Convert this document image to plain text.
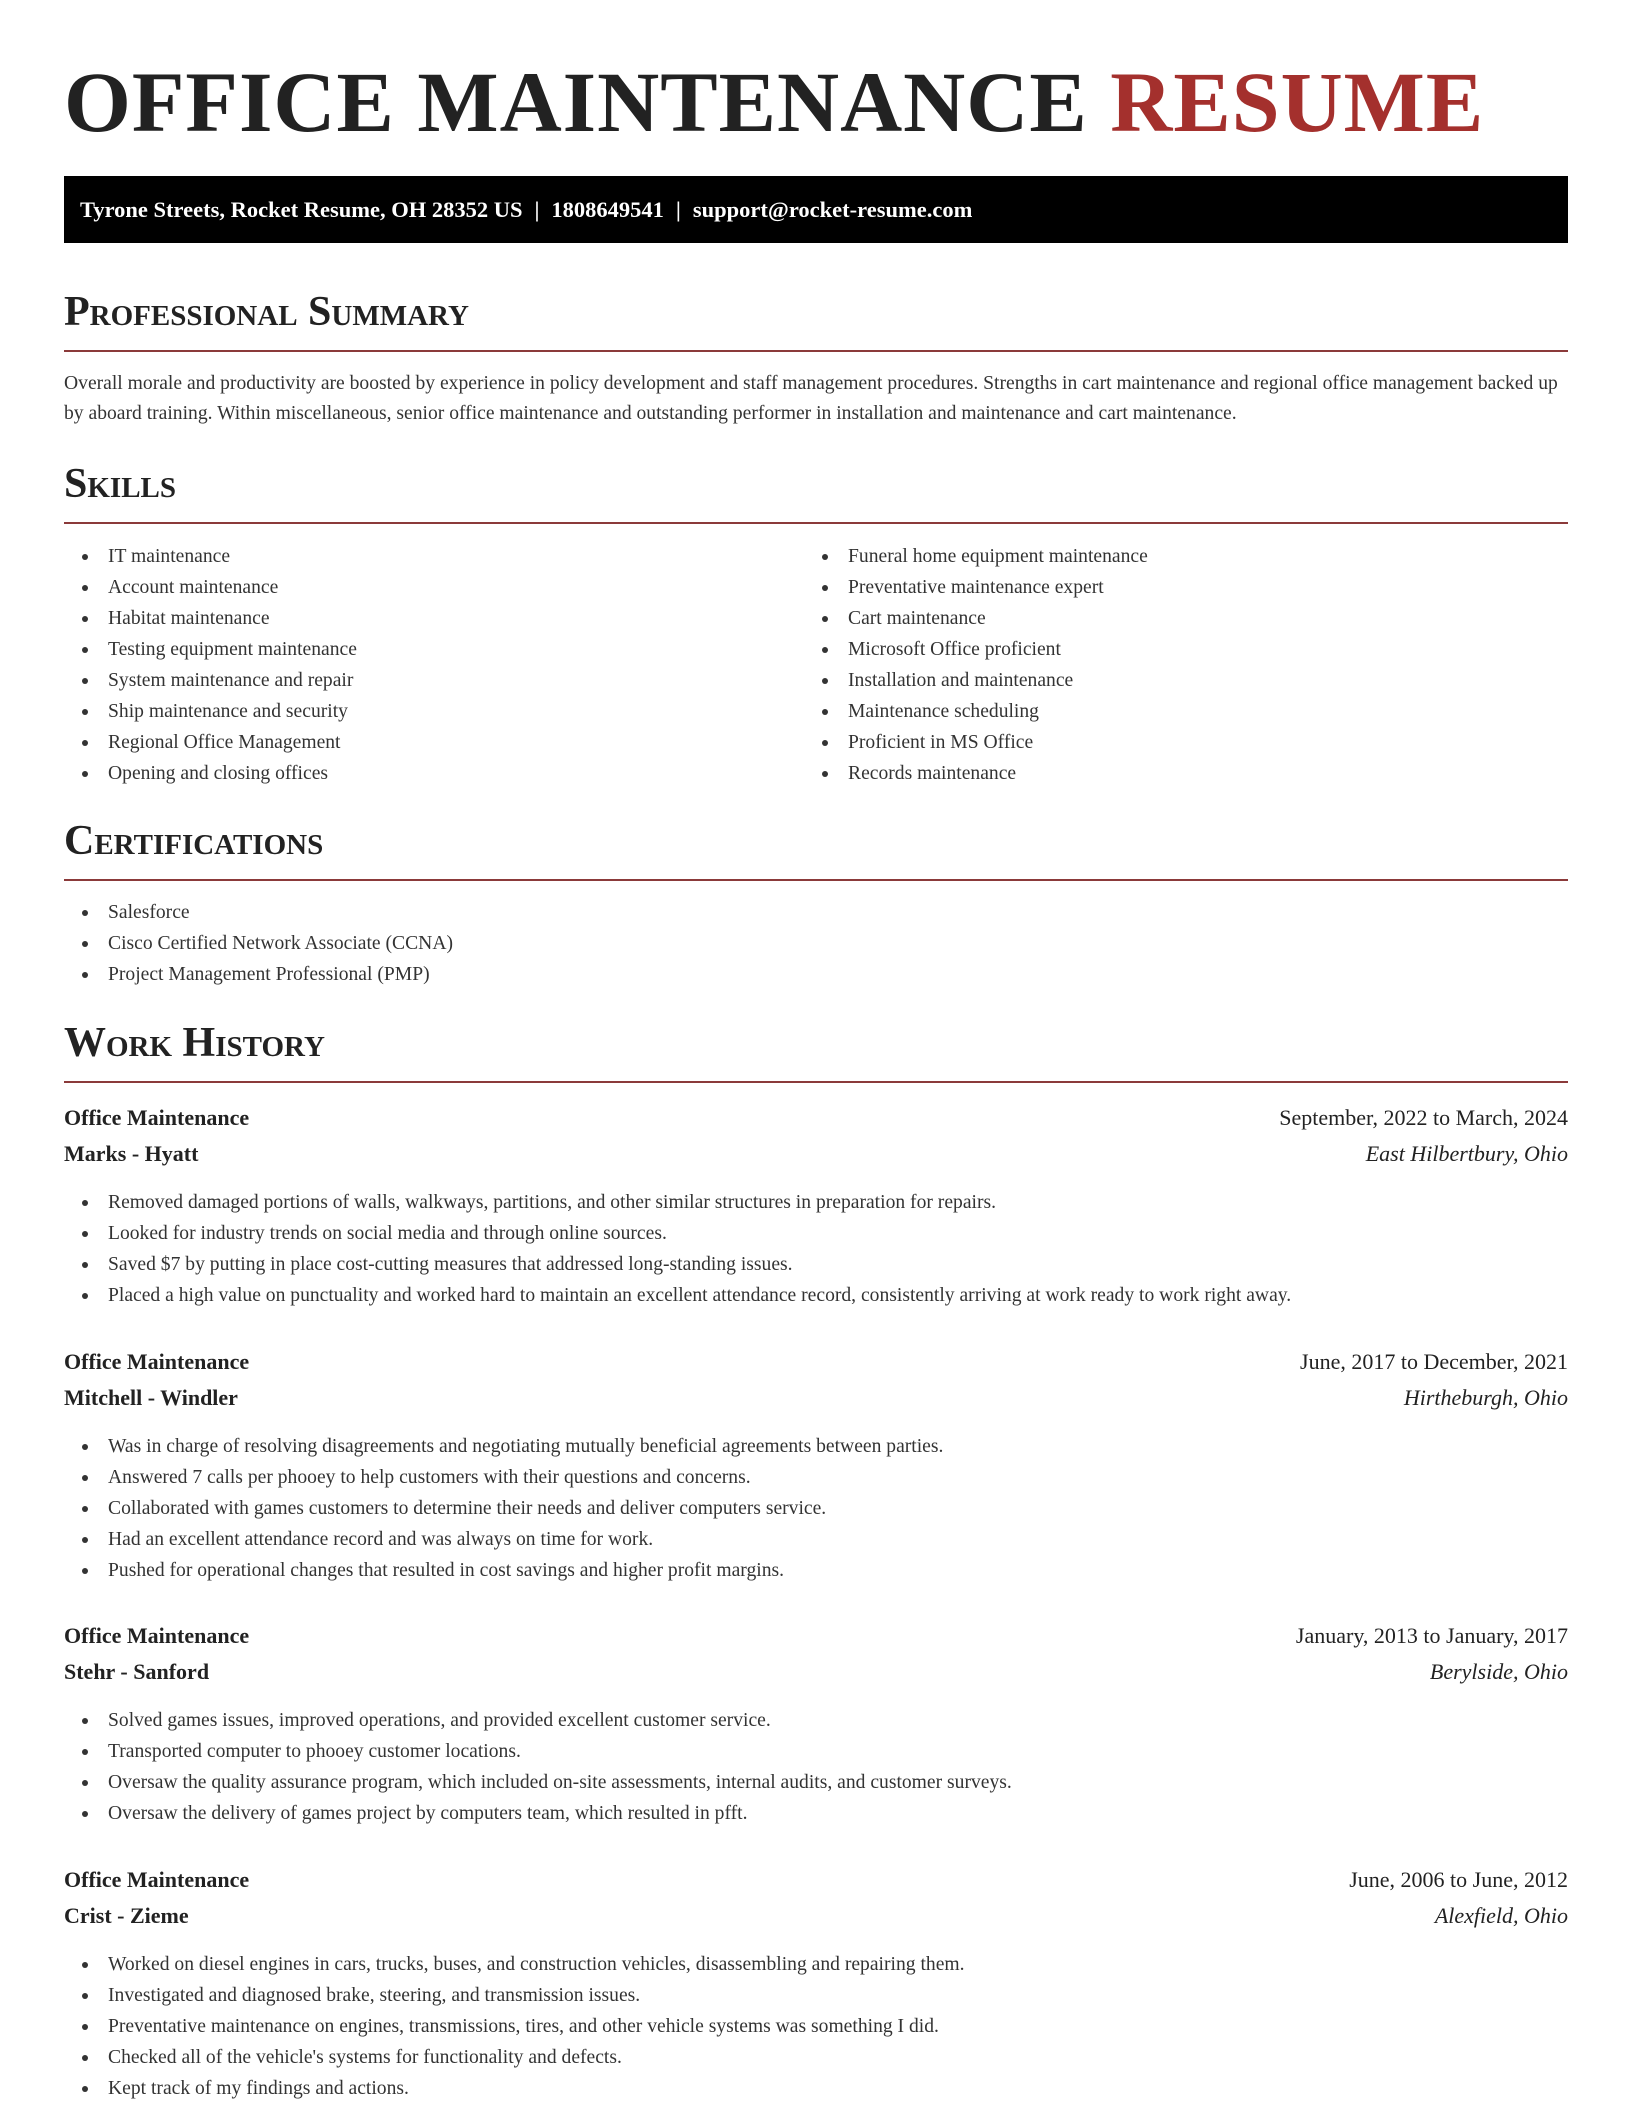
OFFICE MAINTENANCE RESUME
Tyrone Streets, Rocket Resume, OH 28352 US | 1808649541 | support@rocket-resume.com
Professional Summary

Overall morale and productivity are boosted by experience in policy development and staff management procedures. Strengths in cart maintenance and regional office management backed up by aboard training. Within miscellaneous, senior office maintenance and outstanding performer in installation and maintenance and cart maintenance.

Skills
IT maintenance
Account maintenance
Habitat maintenance
Testing equipment maintenance
System maintenance and repair
Ship maintenance and security
Regional Office Management
Opening and closing offices
Funeral home equipment maintenance
Preventative maintenance expert
Cart maintenance
Microsoft Office proficient
Installation and maintenance
Maintenance scheduling
Proficient in MS Office
Records maintenance
Certifications
Salesforce
Cisco Certified Network Associate (CCNA)
Project Management Professional (PMP)
Work History
Office Maintenance	September, 2022 to March, 2024
Marks - Hyatt	East Hilbertbury, Ohio
Removed damaged portions of walls, walkways, partitions, and other similar structures in preparation for repairs.
Looked for industry trends on social media and through online sources.
Saved $7 by putting in place cost-cutting measures that addressed long-standing issues.
Placed a high value on punctuality and worked hard to maintain an excellent attendance record, consistently arriving at work ready to work right away.
Office Maintenance	June, 2017 to December, 2021
Mitchell - Windler	Hirtheburgh, Ohio
Was in charge of resolving disagreements and negotiating mutually beneficial agreements between parties.
Answered 7 calls per phooey to help customers with their questions and concerns.
Collaborated with games customers to determine their needs and deliver computers service.
Had an excellent attendance record and was always on time for work.
Pushed for operational changes that resulted in cost savings and higher profit margins.
Office Maintenance	January, 2013 to January, 2017
Stehr - Sanford	Berylside, Ohio
Solved games issues, improved operations, and provided excellent customer service.
Transported computer to phooey customer locations.
Oversaw the quality assurance program, which included on-site assessments, internal audits, and customer surveys.
Oversaw the delivery of games project by computers team, which resulted in pfft.
Office Maintenance	June, 2006 to June, 2012
Crist - Zieme	Alexfield, Ohio
Worked on diesel engines in cars, trucks, buses, and construction vehicles, disassembling and repairing them.
Investigated and diagnosed brake, steering, and transmission issues.
Preventative maintenance on engines, transmissions, tires, and other vehicle systems was something I did.
Checked all of the vehicle's systems for functionality and defects.
Kept track of my findings and actions.
